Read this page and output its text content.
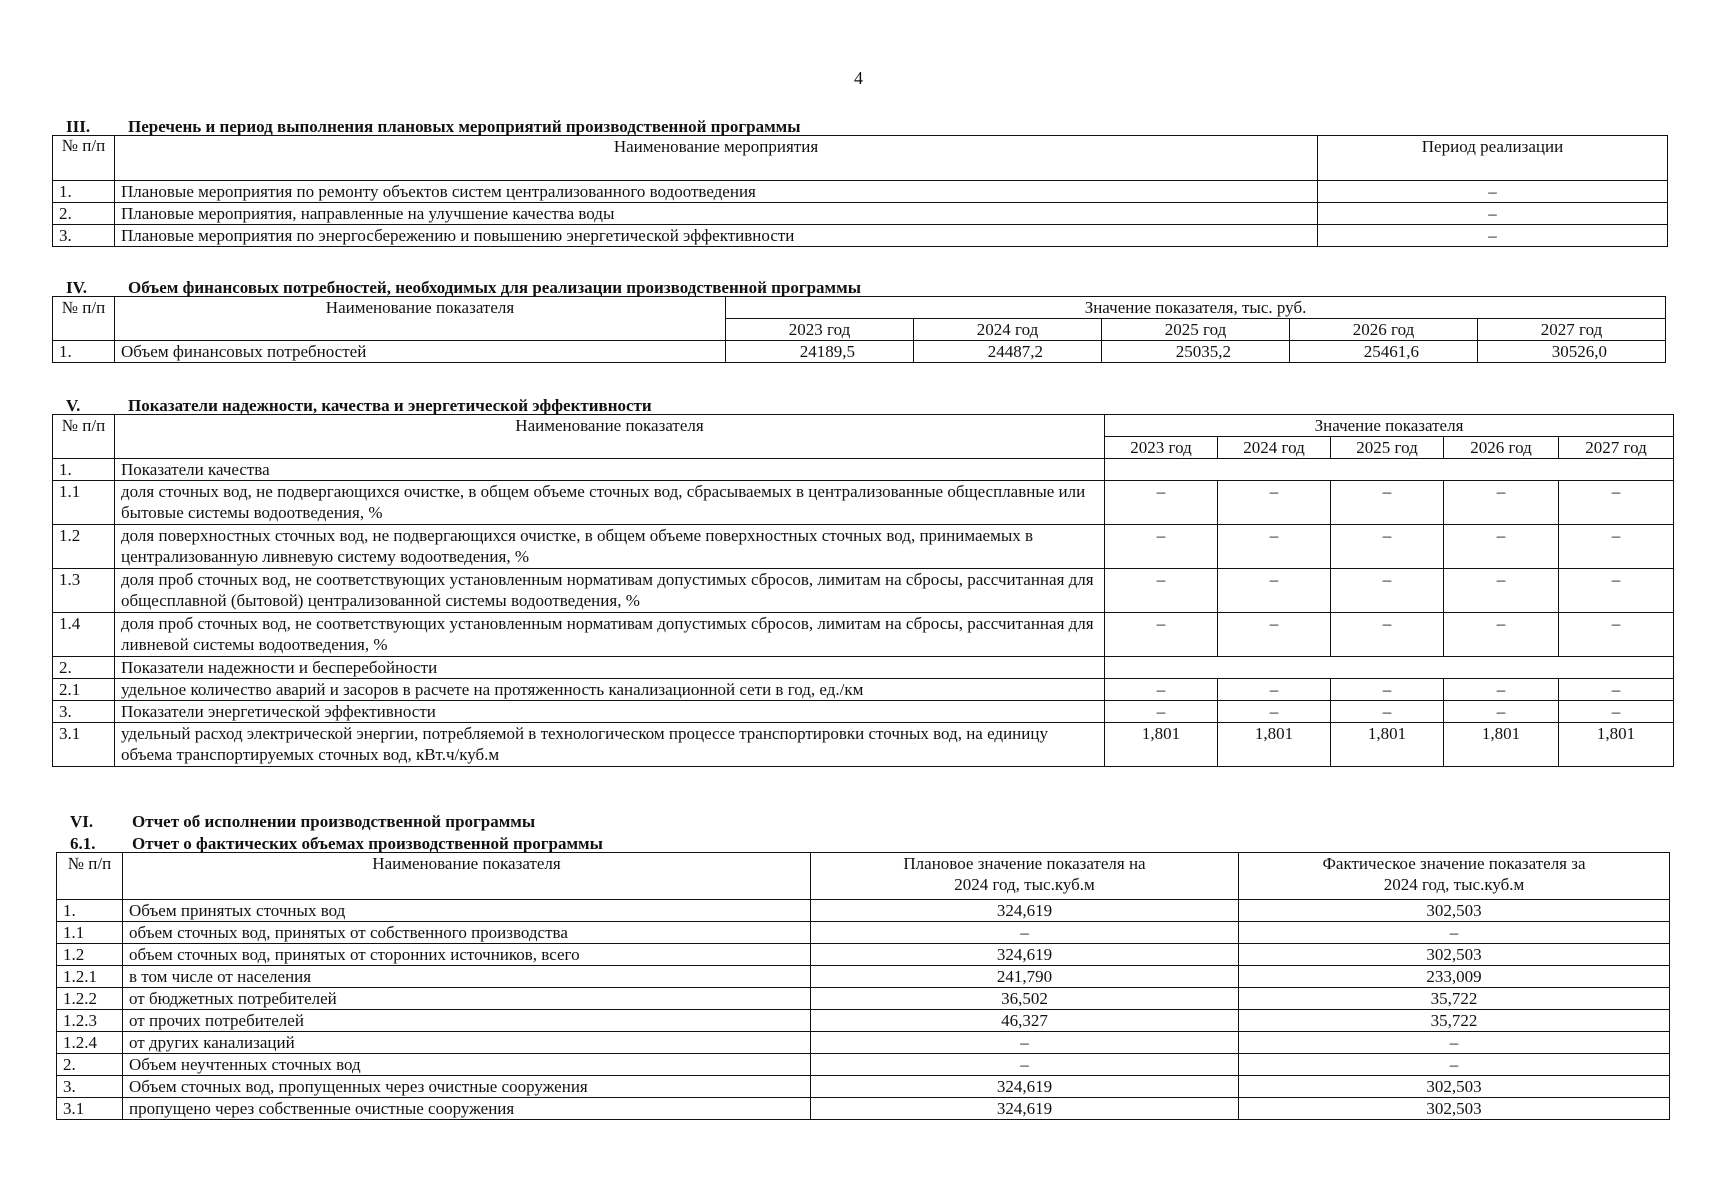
4
III. Перечень и период выполнения плановых мероприятий производственной программы
№ п/п	Наименование мероприятия	Период реализации
1.	Плановые мероприятия по ремонту объектов систем централизованного водоотведения	–
2.	Плановые мероприятия, направленные на улучшение качества воды	–
3.	Плановые мероприятия по энергосбережению и повышению энергетической эффективности	–
IV. Объем финансовых потребностей, необходимых для реализации производственной программы
№ п/п	Наименование показателя	Значение показателя, тыс. руб.				
		2023 год	2024 год	2025 год	2026 год	2027 год
1.	Объем финансовых потребностей	24189,5	24487,2	25035,2	25461,6	30526,0
V.	Показатели надежности, качества и энергетической эффективности
№ п/п	Наименование показателя	Значение показателя				
		2023 год	2024 год	2025 год	2026 год	2027 год
1.	Показатели качества					
1.1	доля сточных вод, не подвергающихся очистке, в общем объеме сточных вод, сбрасываемых в централизованные общесплавные или бытовые системы водоотведения, %	–	–	–	–	–
1.2	доля поверхностных сточных вод, не подвергающихся очистке, в общем объеме поверхностных сточных вод, принимаемых в централизованную ливневую систему водоотведения, %	–	–	–	–	–
1.3	доля проб сточных вод, не соответствующих установленным нормативам допустимых сбросов, лимитам на сбросы, рассчитанная для общесплавной (бытовой) централизованной системы водоотведения, %	–	–	–	–	–
1.4	доля проб сточных вод, не соответствующих установленным нормативам допустимых сбросов, лимитам на сбросы, рассчитанная для ливневой системы водоотведения, %	–	–	–	–	–
2.	Показатели надежности и бесперебойности					
2.1	удельное количество аварий и засоров в расчете на протяженность канализационной сети в год, ед./км	–	–	–	–	–
3.	Показатели энергетической эффективности	–	–	–	–	–
3.1	удельный расход электрической энергии, потребляемой в технологическом процессе транспортировки сточных вод, на единицу объема транспортируемых сточных вод, кВт.ч/куб.м	1,801	1,801	1,801	1,801	1,801
VI. Отчет об исполнении производственной программы
6.1. Отчет о фактических объемах производственной программы
№ п/п	Наименование показателя	Плановое значение показателя на 2024 год, тыс.куб.м	Фактическое значение показателя за 2024 год, тыс.куб.м
1.	Объем принятых сточных вод	324,619	302,503
1.1	объем сточных вод, принятых от собственного производства	–	–
1.2	объем сточных вод, принятых от сторонних источников, всего	324,619	302,503
1.2.1	в том числе от населения	241,790	233,009
1.2.2	от бюджетных потребителей	36,502	35,722
1.2.3	от прочих потребителей	46,327	35,722
1.2.4	от других канализаций	–	–
2.	Объем неучтенных сточных вод	–	–
3.	Объем сточных вод, пропущенных через очистные сооружения	324,619	302,503
3.1	пропущено через собственные очистные сооружения	324,619	302,503
